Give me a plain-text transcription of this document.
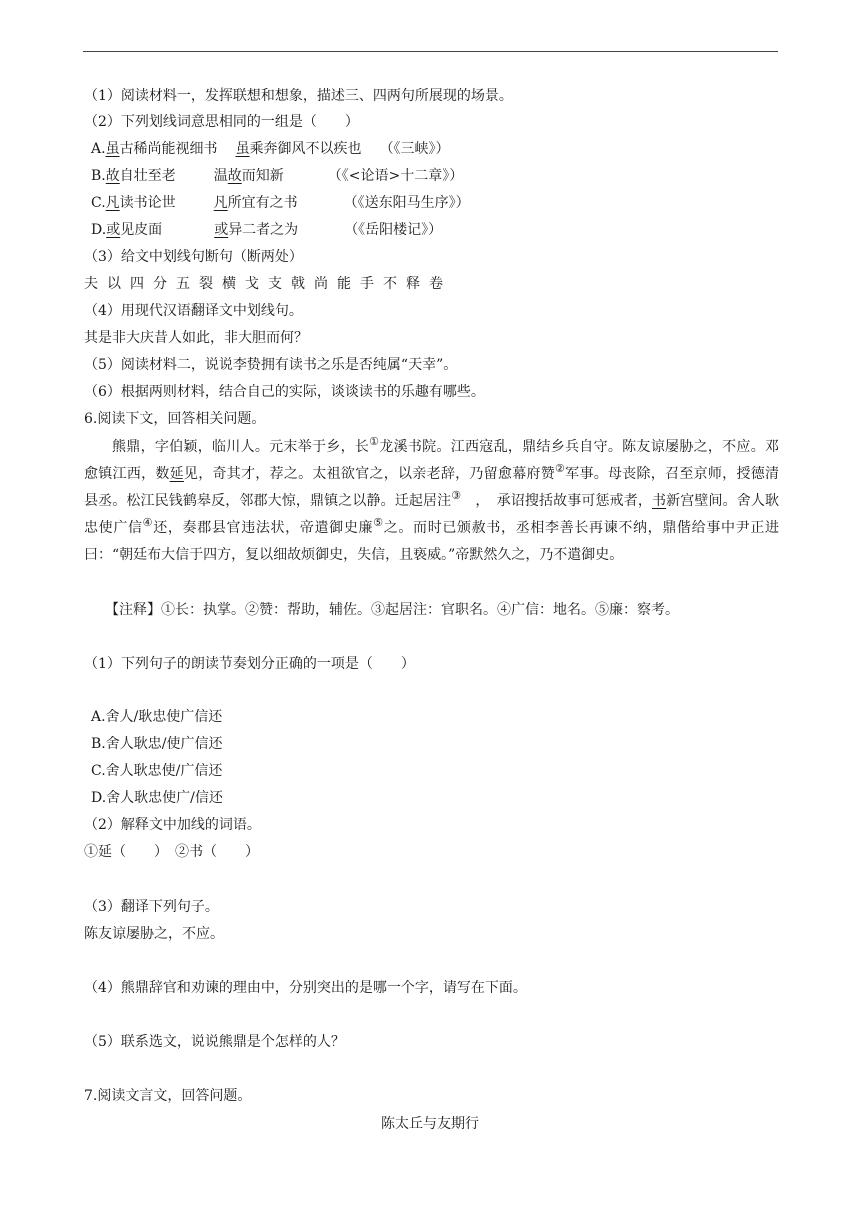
（1）阅读材料一，发挥联想和想象，描述三、四两句所展现的场景。
（2）下列划线词意思相同的一组是（　　）
A.虽古稀尚能视细书 虽乘奔御风不以疾也 （《三峡》）
B.故自壮至老	温故而知新	（《<论语>十二章》）
C.凡读书论世	凡所宜有之书	（《送东阳马生序》）
D.或见皮面	或异二者之为	（《岳阳楼记》）
（3）给文中划线句断句（断两处）
夫以四分五裂横戈支戟尚能手不释卷
（4）用现代汉语翻译文中划线句。
其是非大庆昔人如此，非大胆而何？
（5）阅读材料二，说说李贽拥有读书之乐是否纯属“天幸”。
（6）根据两则材料，结合自己的实际，谈谈读书的乐趣有哪些。
6.阅读下文，回答相关问题。
熊鼎，字伯颖，临川人。元末举于乡，长①龙溪书院。江西寇乱，鼎结乡兵自守。陈友谅屡胁之，不应。邓愈镇江西，数延见，奇其才，荐之。太祖欲官之，以亲老辞，乃留愈幕府赞②军事。母丧除，召至京师，授德清县丞。松江民钱鹤皋反，邻郡大惊，鼎镇之以静。迁起居注③　，　承诏搜括故事可惩戒者，书新宫壁间。舍人耿忠使广信④还，奏郡县官违法状，帝遣御史廉⑤之。而时已颁赦书，丞相李善长再谏不纳，鼎偕给事中尹正进曰：“朝廷布大信于四方，复以细故烦御史，失信，且亵威。”帝默然久之，乃不遣御史。
【注释】①长：执掌。②赞：帮助，辅佐。③起居注：官职名。④广信：地名。⑤廉：察考。
（1）下列句子的朗读节奏划分正确的一项是（　　）
A.舍人/耿忠使广信还
B.舍人耿忠/使广信还
C.舍人耿忠使/广信还
D.舍人耿忠使广/信还
（2）解释文中加线的词语。
①延（　　）　②书（　　）
（3）翻译下列句子。
陈友谅屡胁之，不应。
（4）熊鼎辞官和劝谏的理由中，分别突出的是哪一个字，请写在下面。
（5）联系选文，说说熊鼎是个怎样的人？
7.阅读文言文，回答问题。
陈太丘与友期行
